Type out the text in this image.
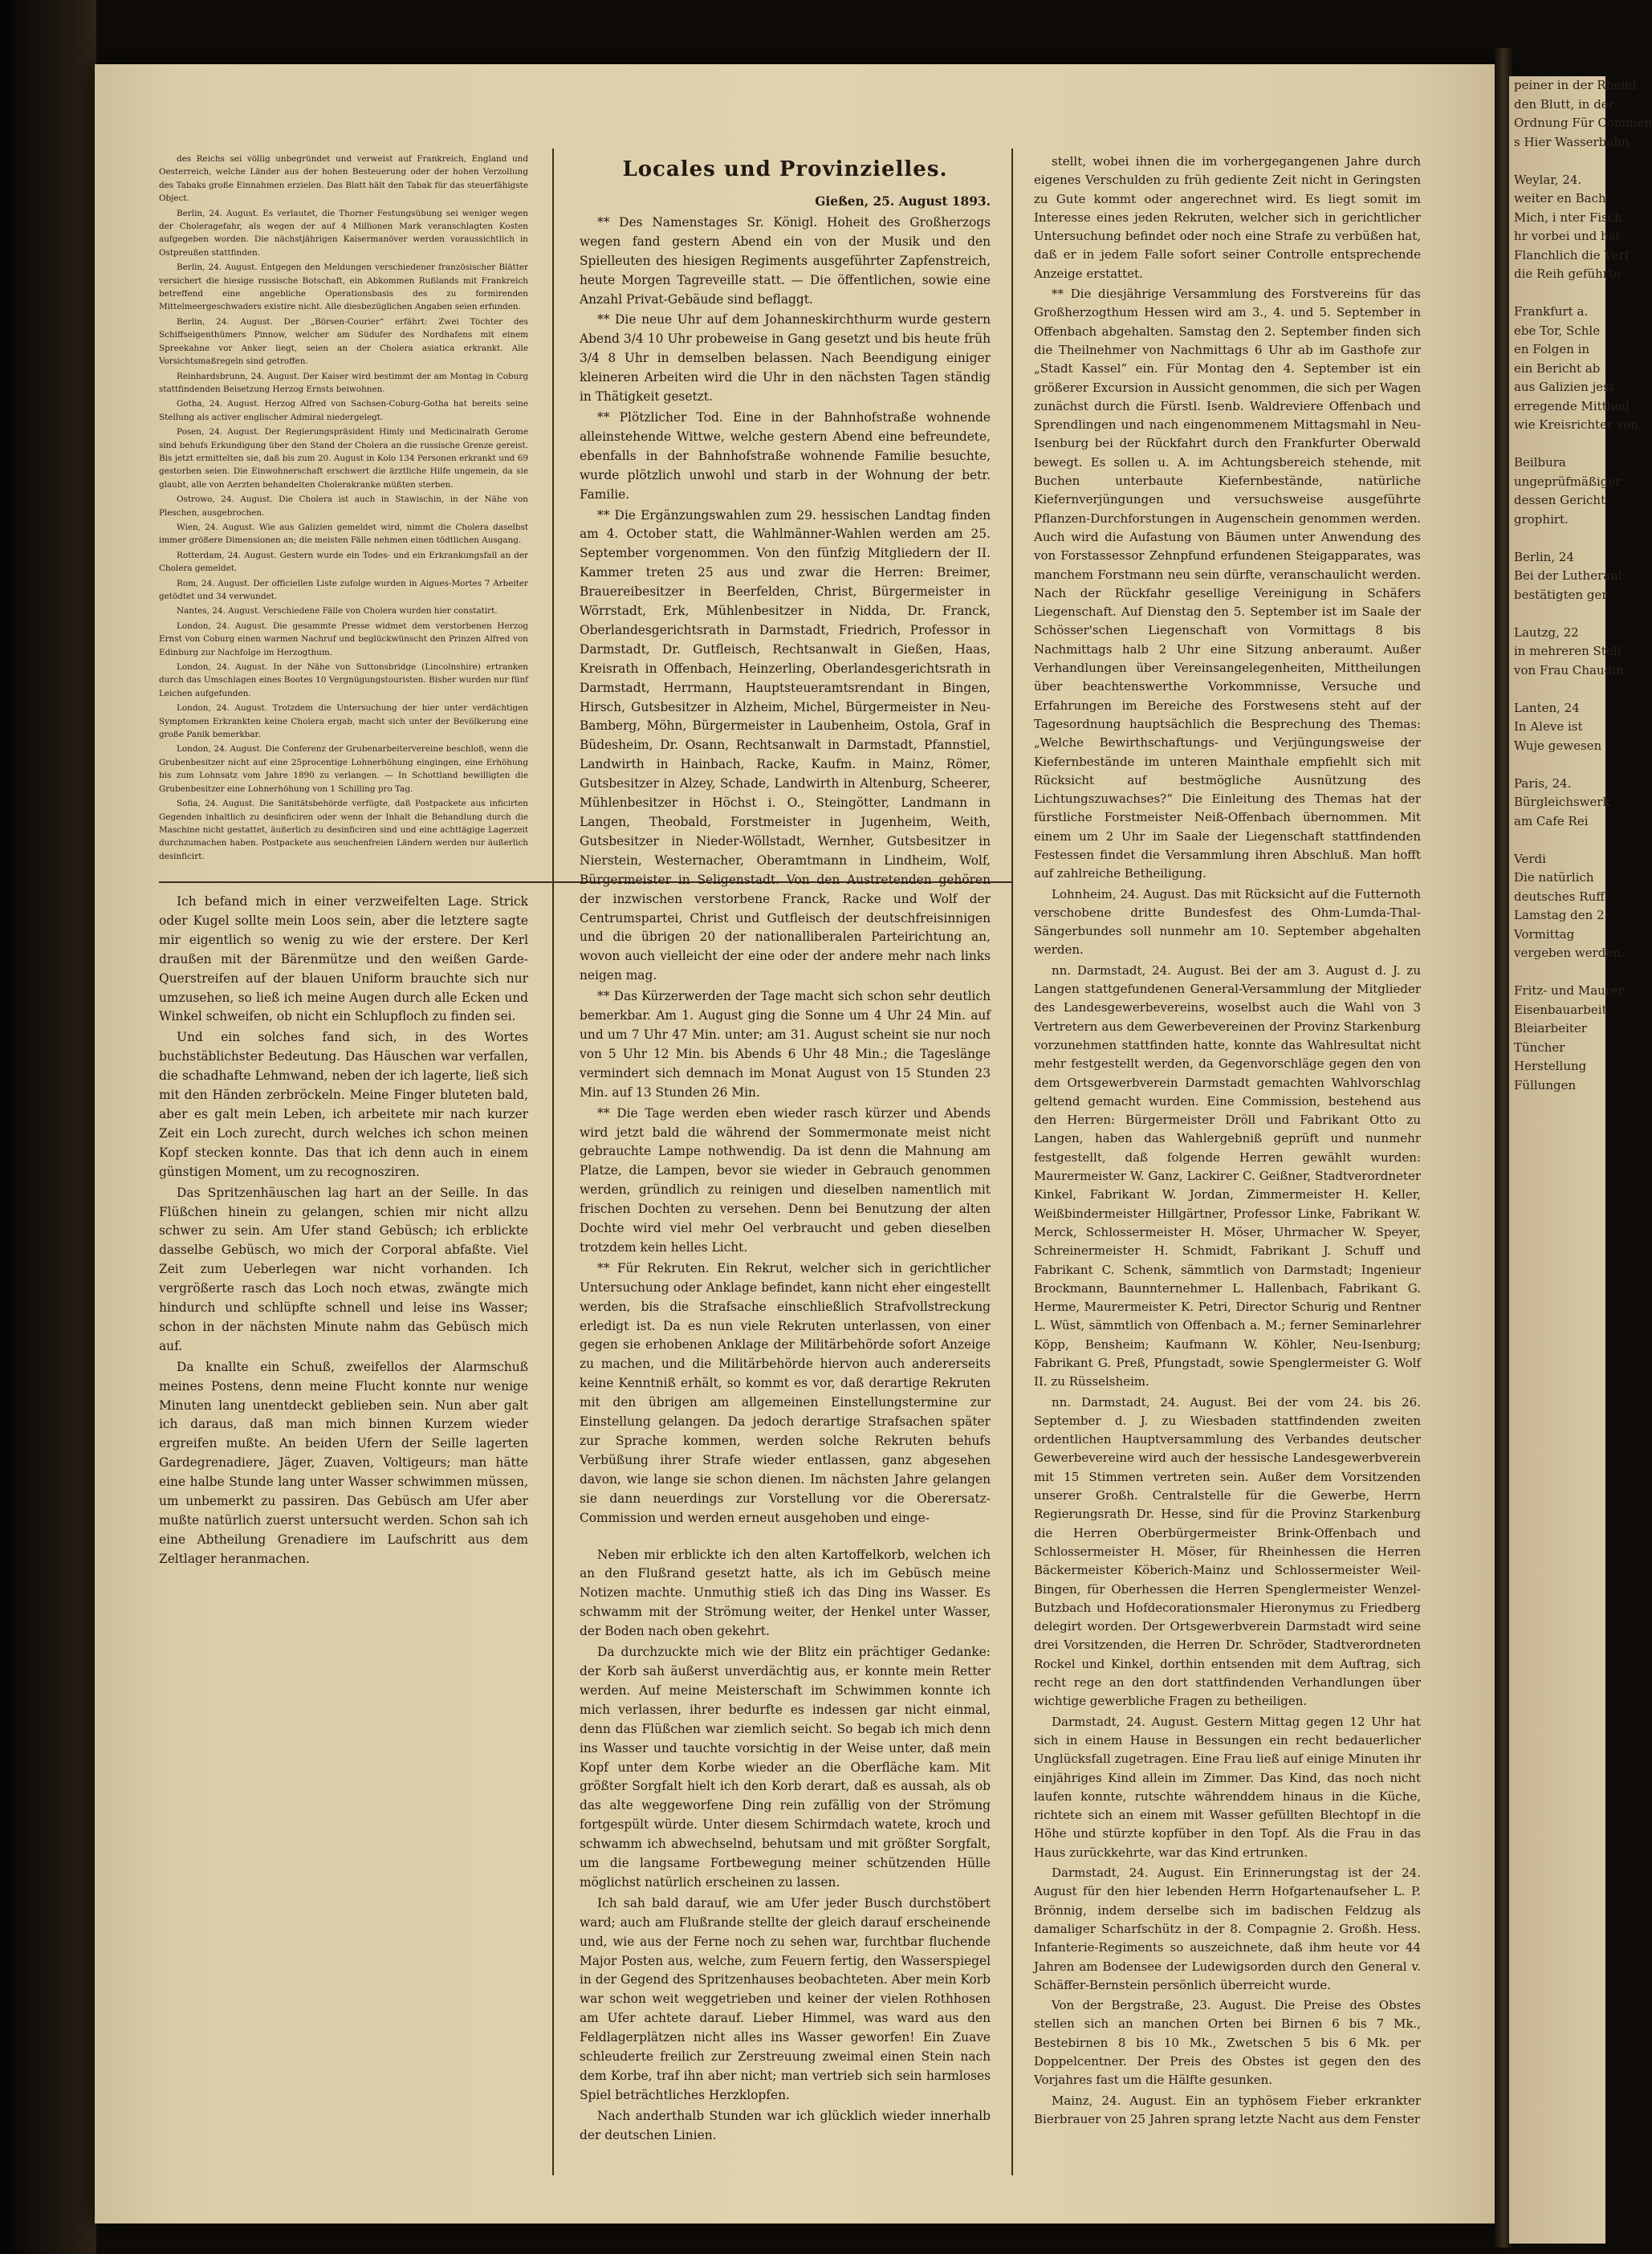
peiner in der Rheinl
den Blutt, in der
Ordnung Für Commen
s Hier Wasserbahn

Weylar, 24.
weiter en Bach
Mich, i nter Fisch
hr vorbei und hat
Flanchlich die Verf
die Reih geführte

Frankfurt a.
ebe Tor, Schle
en Folgen in
ein Bericht ab
aus Galizien jest
erregende Mittheil
wie Kreisrichter von

Beilbura
ungeprüfmäßiger
dessen Gericht
grophirt.

Berlin, 24
Bei der Lutheranl
bestätigten ger

Lautzg, 22
in mehreren Stell
von Frau Chaudin

Lanten, 24
In Aleve ist
Wuje gewesen

Paris, 24.
Bürgleichswerk
am Cafe Rei

Verdi
Die natürlich
deutsches Ruff
Lamstag den 2
Vormittag
vergeben werden.

Fritz- und Maurer
Eisenbauarbeit
Bleiarbeiter
Tüncher
Herstellung
Füllungen
Locales und Provinzielles.

des Reichs sei völlig unbegründet und verweist auf Frankreich, England und Oesterreich, welche Länder aus der hohen Besteuerung oder der hohen Verzollung des Tabaks große Einnahmen erzielen. Das Blatt hält den Tabak für das steuerfähigste Object.

Berlin, 24. August. Es verlautet, die Thorner Festungsübung sei weniger wegen der Choleragefahr, als wegen der auf 4 Millionen Mark veranschlagten Kosten aufgegeben worden. Die nächstjährigen Kaisermanöver werden voraussichtlich in Ostpreußen stattfinden.

Berlin, 24. August. Entgegen den Meldungen verschiedener französischer Blätter versichert die hiesige russische Botschaft, ein Abkommen Rußlands mit Frankreich betreffend eine angebliche Operationsbasis des zu formirenden Mittelmeergeschwaders existire nicht. Alle diesbezüglichen Angaben seien erfunden.

Berlin, 24. August. Der „Börsen-Courier“ erfährt: Zwei Töchter des Schiffseigenthümers Pinnow, welcher am Südufer des Nordhafens mit einem Spreekahne vor Anker liegt, seien an der Cholera asiatica erkrankt. Alle Vorsichtsmaßregeln sind getroffen.

Reinhardsbrunn, 24. August. Der Kaiser wird bestimmt der am Montag in Coburg stattfindenden Beisetzung Herzog Ernsts beiwohnen.

Gotha, 24. August. Herzog Alfred von Sachsen-Coburg-Gotha hat bereits seine Stellung als activer englischer Admiral niedergelegt.

Posen, 24. August. Der Regierungspräsident Himly und Medicinalrath Gerome sind behufs Erkundigung über den Stand der Cholera an die russische Grenze gereist. Bis jetzt ermittelten sie, daß bis zum 20. August in Kolo 134 Personen erkrankt und 69 gestorben seien. Die Einwohnerschaft erschwert die ärztliche Hilfe ungemein, da sie glaubt, alle von Aerzten behandelten Cholerakranke müßten sterben.

Ostrowo, 24. August. Die Cholera ist auch in Stawischin, in der Nähe von Pleschen, ausgebrochen.

Wien, 24. August. Wie aus Galizien gemeldet wird, nimmt die Cholera daselbst immer größere Dimensionen an; die meisten Fälle nehmen einen tödtlichen Ausgang.

Rotterdam, 24. August. Gestern wurde ein Todes- und ein Erkrankungsfall an der Cholera gemeldet.

Rom, 24. August. Der officiellen Liste zufolge wurden in Aigues-Mortes 7 Arbeiter getödtet und 34 verwundet.

Nantes, 24. August. Verschiedene Fälle von Cholera wurden hier constatirt.

London, 24. August. Die gesammte Presse widmet dem verstorbenen Herzog Ernst von Coburg einen warmen Nachruf und beglückwünscht den Prinzen Alfred von Edinburg zur Nachfolge im Herzogthum.

London, 24. August. In der Nähe von Suttonsbridge (Lincolnshire) ertranken durch das Umschlagen eines Bootes 10 Vergnügungstouristen. Bisher wurden nur fünf Leichen aufgefunden.

London, 24. August. Trotzdem die Untersuchung der hier unter verdächtigen Symptomen Erkrankten keine Cholera ergab, macht sich unter der Bevölkerung eine große Panik bemerkbar.

London, 24. August. Die Conferenz der Grubenarbeitervereine beschloß, wenn die Grubenbesitzer nicht auf eine 25procentige Lohnerhöhung eingingen, eine Erhöhung bis zum Lohnsatz vom Jahre 1890 zu verlangen. — In Schottland bewilligten die Grubenbesitzer eine Lohnerhöhung von 1 Schilling pro Tag.

Sofia, 24. August. Die Sanitätsbehörde verfügte, daß Postpackete aus inficirten Gegenden inhaltlich zu desinficiren oder wenn der Inhalt die Behandlung durch die Maschine nicht gestattet, äußerlich zu desinficiren sind und eine achttägige Lagerzeit durchzumachen haben. Postpackete aus seuchenfreien Ländern werden nur äußerlich desinficirt.

Gießen, 25. August 1893.

** Des Namenstages Sr. Königl. Hoheit des Großherzogs wegen fand gestern Abend ein von der Musik und den Spielleuten des hiesigen Regiments ausgeführter Zapfenstreich, heute Morgen Tagreveille statt. — Die öffentlichen, sowie eine Anzahl Privat-Gebäude sind beflaggt.

** Die neue Uhr auf dem Johanneskirchthurm wurde gestern Abend 3/4 10 Uhr probeweise in Gang gesetzt und bis heute früh 3/4 8 Uhr in demselben belassen. Nach Beendigung einiger kleineren Arbeiten wird die Uhr in den nächsten Tagen ständig in Thätigkeit gesetzt.

** Plötzlicher Tod. Eine in der Bahnhofstraße wohnende alleinstehende Wittwe, welche gestern Abend eine befreundete, ebenfalls in der Bahnhofstraße wohnende Familie besuchte, wurde plötzlich unwohl und starb in der Wohnung der betr. Familie.

** Die Ergänzungswahlen zum 29. hessischen Landtag finden am 4. October statt, die Wahlmänner-Wahlen werden am 25. September vorgenommen. Von den fünfzig Mitgliedern der II. Kammer treten 25 aus und zwar die Herren: Breimer, Brauereibesitzer in Beerfelden, Christ, Bürgermeister in Wörrstadt, Erk, Mühlenbesitzer in Nidda, Dr. Franck, Oberlandesgerichtsrath in Darmstadt, Friedrich, Professor in Darmstadt, Dr. Gutfleisch, Rechtsanwalt in Gießen, Haas, Kreisrath in Offenbach, Heinzerling, Oberlandesgerichtsrath in Darmstadt, Herrmann, Hauptsteueramtsrendant in Bingen, Hirsch, Gutsbesitzer in Alzheim, Michel, Bürgermeister in Neu-Bamberg, Möhn, Bürgermeister in Laubenheim, Ostola, Graf in Büdesheim, Dr. Osann, Rechtsanwalt in Darmstadt, Pfannstiel, Landwirth in Hainbach, Racke, Kaufm. in Mainz, Römer, Gutsbesitzer in Alzey, Schade, Landwirth in Altenburg, Scheerer, Mühlenbesitzer in Höchst i. O., Steingötter, Landmann in Langen, Theobald, Forstmeister in Jugenheim, Weith, Gutsbesitzer in Nieder-Wöllstadt, Wernher, Gutsbesitzer in Nierstein, Westernacher, Oberamtmann in Lindheim, Wolf, Bürgermeister in Seligenstadt. Von den Austretenden gehören der inzwischen verstorbene Franck, Racke und Wolf der Centrumspartei, Christ und Gutfleisch der deutschfreisinnigen und die übrigen 20 der nationalliberalen Parteirichtung an, wovon auch vielleicht der eine oder der andere mehr nach links neigen mag.

** Das Kürzerwerden der Tage macht sich schon sehr deutlich bemerkbar. Am 1. August ging die Sonne um 4 Uhr 24 Min. auf und um 7 Uhr 47 Min. unter; am 31. August scheint sie nur noch von 5 Uhr 12 Min. bis Abends 6 Uhr 48 Min.; die Tageslänge vermindert sich demnach im Monat August von 15 Stunden 23 Min. auf 13 Stunden 26 Min.

** Die Tage werden eben wieder rasch kürzer und Abends wird jetzt bald die während der Sommermonate meist nicht gebrauchte Lampe nothwendig. Da ist denn die Mahnung am Platze, die Lampen, bevor sie wieder in Gebrauch genommen werden, gründlich zu reinigen und dieselben namentlich mit frischen Dochten zu versehen. Denn bei Benutzung der alten Dochte wird viel mehr Oel verbraucht und geben dieselben trotzdem kein helles Licht.

** Für Rekruten. Ein Rekrut, welcher sich in gerichtlicher Untersuchung oder Anklage befindet, kann nicht eher eingestellt werden, bis die Strafsache einschließlich Strafvollstreckung erledigt ist. Da es nun viele Rekruten unterlassen, von einer gegen sie erhobenen Anklage der Militärbehörde sofort Anzeige zu machen, und die Militärbehörde hiervon auch andererseits keine Kenntniß erhält, so kommt es vor, daß derartige Rekruten mit den übrigen am allgemeinen Einstellungstermine zur Einstellung gelangen. Da jedoch derartige Strafsachen später zur Sprache kommen, werden solche Rekruten behufs Verbüßung ihrer Strafe wieder entlassen, ganz abgesehen davon, wie lange sie schon dienen. Im nächsten Jahre gelangen sie dann neuerdings zur Vorstellung vor die Oberersatz-Commission und werden erneut ausgehoben und einge-

stellt, wobei ihnen die im vorhergegangenen Jahre durch eigenes Verschulden zu früh gediente Zeit nicht in Geringsten zu Gute kommt oder angerechnet wird. Es liegt somit im Interesse eines jeden Rekruten, welcher sich in gerichtlicher Untersuchung befindet oder noch eine Strafe zu verbüßen hat, daß er in jedem Falle sofort seiner Controlle entsprechende Anzeige erstattet.

** Die diesjährige Versammlung des Forstvereins für das Großherzogthum Hessen wird am 3., 4. und 5. September in Offenbach abgehalten. Samstag den 2. September finden sich die Theilnehmer von Nachmittags 6 Uhr ab im Gasthofe zur „Stadt Kassel“ ein. Für Montag den 4. September ist ein größerer Excursion in Aussicht genommen, die sich per Wagen zunächst durch die Fürstl. Isenb. Waldreviere Offenbach und Sprendlingen und nach eingenommenem Mittagsmahl in Neu-Isenburg bei der Rückfahrt durch den Frankfurter Oberwald bewegt. Es sollen u. A. im Achtungsbereich stehende, mit Buchen unterbaute Kiefernbestände, natürliche Kiefernverjüngungen und versuchsweise ausgeführte Pflanzen-Durchforstungen in Augenschein genommen werden. Auch wird die Aufastung von Bäumen unter Anwendung des von Forstassessor Zehnpfund erfundenen Steigapparates, was manchem Forstmann neu sein dürfte, veranschaulicht werden. Nach der Rückfahr gesellige Vereinigung in Schäfers Liegenschaft. Auf Dienstag den 5. September ist im Saale der Schösser'schen Liegenschaft von Vormittags 8 bis Nachmittags halb 2 Uhr eine Sitzung anberaumt. Außer Verhandlungen über Vereinsangelegenheiten, Mittheilungen über beachtenswerthe Vorkommnisse, Versuche und Erfahrungen im Bereiche des Forstwesens steht auf der Tagesordnung hauptsächlich die Besprechung des Themas: „Welche Bewirthschaftungs- und Verjüngungsweise der Kiefernbestände im unteren Mainthale empfiehlt sich mit Rücksicht auf bestmögliche Ausnützung des Lichtungszuwachses?“ Die Einleitung des Themas hat der fürstliche Forstmeister Neiß-Offenbach übernommen. Mit einem um 2 Uhr im Saale der Liegenschaft stattfindenden Festessen findet die Versammlung ihren Abschluß. Man hofft auf zahlreiche Betheiligung.

Lohnheim, 24. August. Das mit Rücksicht auf die Futternoth verschobene dritte Bundesfest des Ohm-Lumda-Thal-Sängerbundes soll nunmehr am 10. September abgehalten werden.

nn. Darmstadt, 24. August. Bei der am 3. August d. J. zu Langen stattgefundenen General-Versammlung der Mitglieder des Landesgewerbevereins, woselbst auch die Wahl von 3 Vertretern aus dem Gewerbevereinen der Provinz Starkenburg vorzunehmen stattfinden hatte, konnte das Wahlresultat nicht mehr festgestellt werden, da Gegenvorschläge gegen den von dem Ortsgewerbverein Darmstadt gemachten Wahlvorschlag geltend gemacht wurden. Eine Commission, bestehend aus den Herren: Bürgermeister Dröll und Fabrikant Otto zu Langen, haben das Wahlergebniß geprüft und nunmehr festgestellt, daß folgende Herren gewählt wurden: Maurermeister W. Ganz, Lackirer C. Geißner, Stadtverordneter Kinkel, Fabrikant W. Jordan, Zimmermeister H. Keller, Weißbindermeister Hillgärtner, Professor Linke, Fabrikant W. Merck, Schlossermeister H. Möser, Uhrmacher W. Speyer, Schreinermeister H. Schmidt, Fabrikant J. Schuff und Fabrikant C. Schenk, sämmtlich von Darmstadt; Ingenieur Brockmann, Baunnternehmer L. Hallenbach, Fabrikant G. Herme, Maurermeister K. Petri, Director Schurig und Rentner L. Wüst, sämmtlich von Offenbach a. M.; ferner Seminarlehrer Köpp, Bensheim; Kaufmann W. Köhler, Neu-Isenburg; Fabrikant G. Preß, Pfungstadt, sowie Spenglermeister G. Wolf II. zu Rüsselsheim.

nn. Darmstadt, 24. August. Bei der vom 24. bis 26. September d. J. zu Wiesbaden stattfindenden zweiten ordentlichen Hauptversammlung des Verbandes deutscher Gewerbevereine wird auch der hessische Landesgewerbverein mit 15 Stimmen vertreten sein. Außer dem Vorsitzenden unserer Großh. Centralstelle für die Gewerbe, Herrn Regierungsrath Dr. Hesse, sind für die Provinz Starkenburg die Herren Oberbürgermeister Brink-Offenbach und Schlossermeister H. Möser, für Rheinhessen die Herren Bäckermeister Köberich-Mainz und Schlossermeister Weil-Bingen, für Oberhessen die Herren Spenglermeister Wenzel-Butzbach und Hofdecorationsmaler Hieronymus zu Friedberg delegirt worden. Der Ortsgewerbverein Darmstadt wird seine drei Vorsitzenden, die Herren Dr. Schröder, Stadtverordneten Rockel und Kinkel, dorthin entsenden mit dem Auftrag, sich recht rege an den dort stattfindenden Verhandlungen über wichtige gewerbliche Fragen zu betheiligen.

Darmstadt, 24. August. Gestern Mittag gegen 12 Uhr hat sich in einem Hause in Bessungen ein recht bedauerlicher Unglücksfall zugetragen. Eine Frau ließ auf einige Minuten ihr einjähriges Kind allein im Zimmer. Das Kind, das noch nicht laufen konnte, rutschte währenddem hinaus in die Küche, richtete sich an einem mit Wasser gefüllten Blechtopf in die Höhe und stürzte kopfüber in den Topf. Als die Frau in das Haus zurückkehrte, war das Kind ertrunken.

Darmstadt, 24. August. Ein Erinnerungstag ist der 24. August für den hier lebenden Herrn Hofgartenaufseher L. P. Brönnig, indem derselbe sich im badischen Feldzug als damaliger Scharfschütz in der 8. Compagnie 2. Großh. Hess. Infanterie-Regiments so auszeichnete, daß ihm heute vor 44 Jahren am Bodensee der Ludewigsorden durch den General v. Schäffer-Bernstein persönlich überreicht wurde.

Von der Bergstraße, 23. August. Die Preise des Obstes stellen sich an manchen Orten bei Birnen 6 bis 7 Mk., Bestebirnen 8 bis 10 Mk., Zwetschen 5 bis 6 Mk. per Doppelcentner. Der Preis des Obstes ist gegen den des Vorjahres fast um die Hälfte gesunken.

Mainz, 24. August. Ein an typhösem Fieber erkrankter Bierbrauer von 25 Jahren sprang letzte Nacht aus dem Fenster

Ich befand mich in einer verzweifelten Lage. Strick oder Kugel sollte mein Loos sein, aber die letztere sagte mir eigentlich so wenig zu wie der erstere. Der Kerl draußen mit der Bärenmütze und den weißen Garde-Querstreifen auf der blauen Uniform brauchte sich nur umzusehen, so ließ ich meine Augen durch alle Ecken und Winkel schweifen, ob nicht ein Schlupfloch zu finden sei.

Und ein solches fand sich, in des Wortes buchstäblichster Bedeutung. Das Häuschen war verfallen, die schadhafte Lehmwand, neben der ich lagerte, ließ sich mit den Händen zerbröckeln. Meine Finger bluteten bald, aber es galt mein Leben, ich arbeitete mir nach kurzer Zeit ein Loch zurecht, durch welches ich schon meinen Kopf stecken konnte. Das that ich denn auch in einem günstigen Moment, um zu recognosziren.

Das Spritzenhäuschen lag hart an der Seille. In das Flüßchen hinein zu gelangen, schien mir nicht allzu schwer zu sein. Am Ufer stand Gebüsch; ich erblickte dasselbe Gebüsch, wo mich der Corporal abfaßte. Viel Zeit zum Ueberlegen war nicht vorhanden. Ich vergrößerte rasch das Loch noch etwas, zwängte mich hindurch und schlüpfte schnell und leise ins Wasser; schon in der nächsten Minute nahm das Gebüsch mich auf.

Da knallte ein Schuß, zweifellos der Alarmschuß meines Postens, denn meine Flucht konnte nur wenige Minuten lang unentdeckt geblieben sein. Nun aber galt ich daraus, daß man mich binnen Kurzem wieder ergreifen mußte. An beiden Ufern der Seille lagerten Gardegrenadiere, Jäger, Zuaven, Voltigeurs; man hätte eine halbe Stunde lang unter Wasser schwimmen müssen, um unbemerkt zu passiren. Das Gebüsch am Ufer aber mußte natürlich zuerst untersucht werden. Schon sah ich eine Abtheilung Grenadiere im Laufschritt aus dem Zeltlager heranmachen.	Neben mir erblickte ich den alten Kartoffelkorb, welchen ich an den Flußrand gesetzt hatte, als ich im Gebüsch meine Notizen machte. Unmuthig stieß ich das Ding ins Wasser. Es schwamm mit der Strömung weiter, der Henkel unter Wasser, der Boden nach oben gekehrt.

Da durchzuckte mich wie der Blitz ein prächtiger Gedanke: der Korb sah äußerst unverdächtig aus, er konnte mein Retter werden. Auf meine Meisterschaft im Schwimmen konnte ich mich verlassen, ihrer bedurfte es indessen gar nicht einmal, denn das Flüßchen war ziemlich seicht. So begab ich mich denn ins Wasser und tauchte vorsichtig in der Weise unter, daß mein Kopf unter dem Korbe wieder an die Oberfläche kam. Mit größter Sorgfalt hielt ich den Korb derart, daß es aussah, als ob das alte weggeworfene Ding rein zufällig von der Strömung fortgespült würde. Unter diesem Schirmdach watete, kroch und schwamm ich abwechselnd, behutsam und mit größter Sorgfalt, um die langsame Fortbewegung meiner schützenden Hülle möglichst natürlich erscheinen zu lassen.

Ich sah bald darauf, wie am Ufer jeder Busch durchstöbert ward; auch am Flußrande stellte der gleich darauf erscheinende und, wie aus der Ferne noch zu sehen war, furchtbar fluchende Major Posten aus, welche, zum Feuern fertig, den Wasserspiegel in der Gegend des Spritzenhauses beobachteten. Aber mein Korb war schon weit weggetrieben und keiner der vielen Rothhosen am Ufer achtete darauf. Lieber Himmel, was ward aus den Feldlagerplätzen nicht alles ins Wasser geworfen! Ein Zuave schleuderte freilich zur Zerstreuung zweimal einen Stein nach dem Korbe, traf ihn aber nicht; man vertrieb sich sein harmloses Spiel beträchtliches Herzklopfen.

Nach anderthalb Stunden war ich glücklich wieder innerhalb der deutschen Linien.
